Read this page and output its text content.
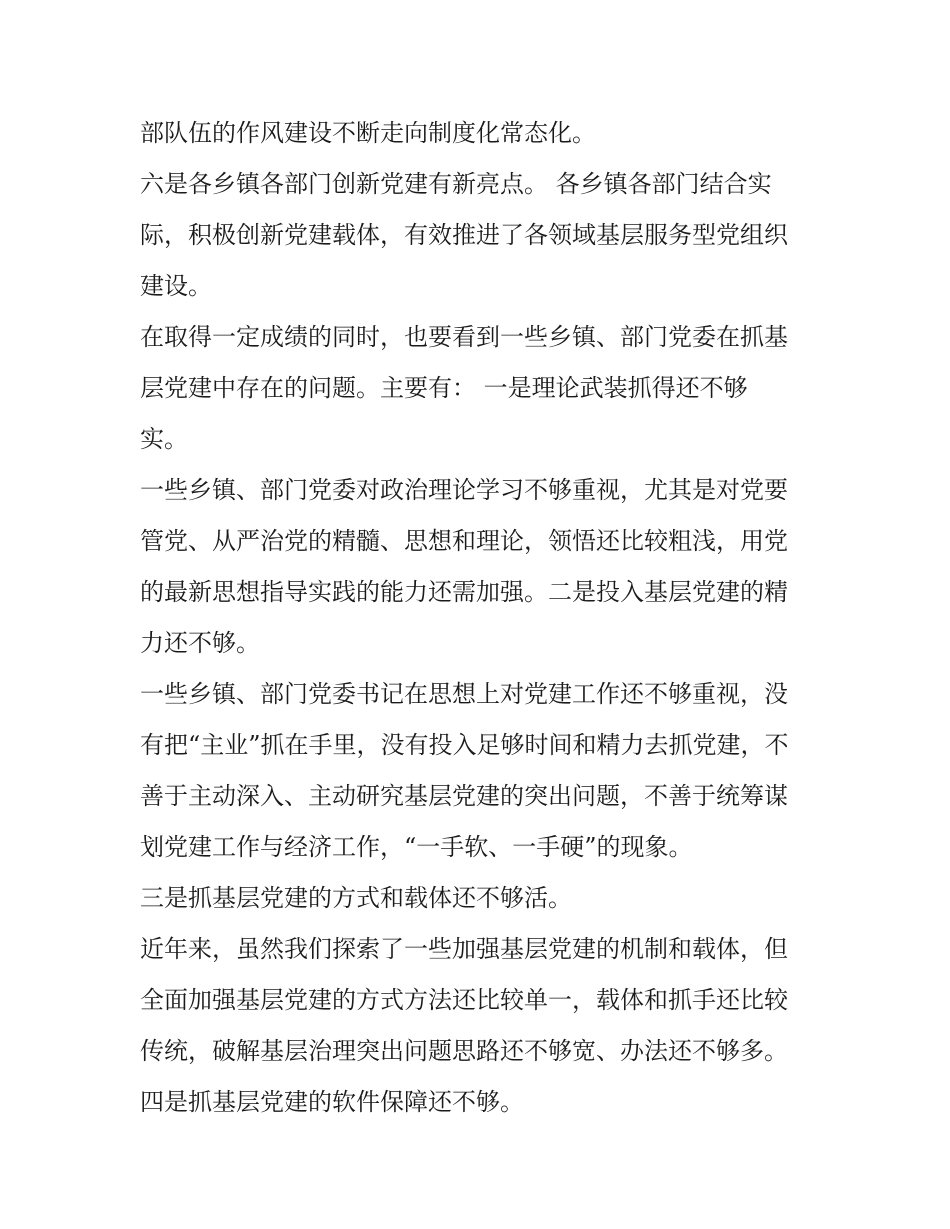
部队伍的作风建设不断走向制度化常态化。
六是各乡镇各部门创新党建有新亮点。 各乡镇各部门结合实
际，积极创新党建载体，有效推进了各领域基层服务型党组织
建设。
在取得一定成绩的同时，也要看到一些乡镇、部门党委在抓基
层党建中存在的问题。主要有： 一是理论武装抓得还不够
实。
一些乡镇、部门党委对政治理论学习不够重视，尤其是对党要
管党、从严治党的精髓、思想和理论，领悟还比较粗浅，用党
的最新思想指导实践的能力还需加强。二是投入基层党建的精
力还不够。
一些乡镇、部门党委书记在思想上对党建工作还不够重视，没
有把“主业”抓在手里，没有投入足够时间和精力去抓党建，不
善于主动深入、主动研究基层党建的突出问题，不善于统筹谋
划党建工作与经济工作，“一手软、一手硬”的现象。
三是抓基层党建的方式和载体还不够活。
近年来，虽然我们探索了一些加强基层党建的机制和载体，但
全面加强基层党建的方式方法还比较单一，载体和抓手还比较
传统，破解基层治理突出问题思路还不够宽、办法还不够多。
四是抓基层党建的软件保障还不够。
